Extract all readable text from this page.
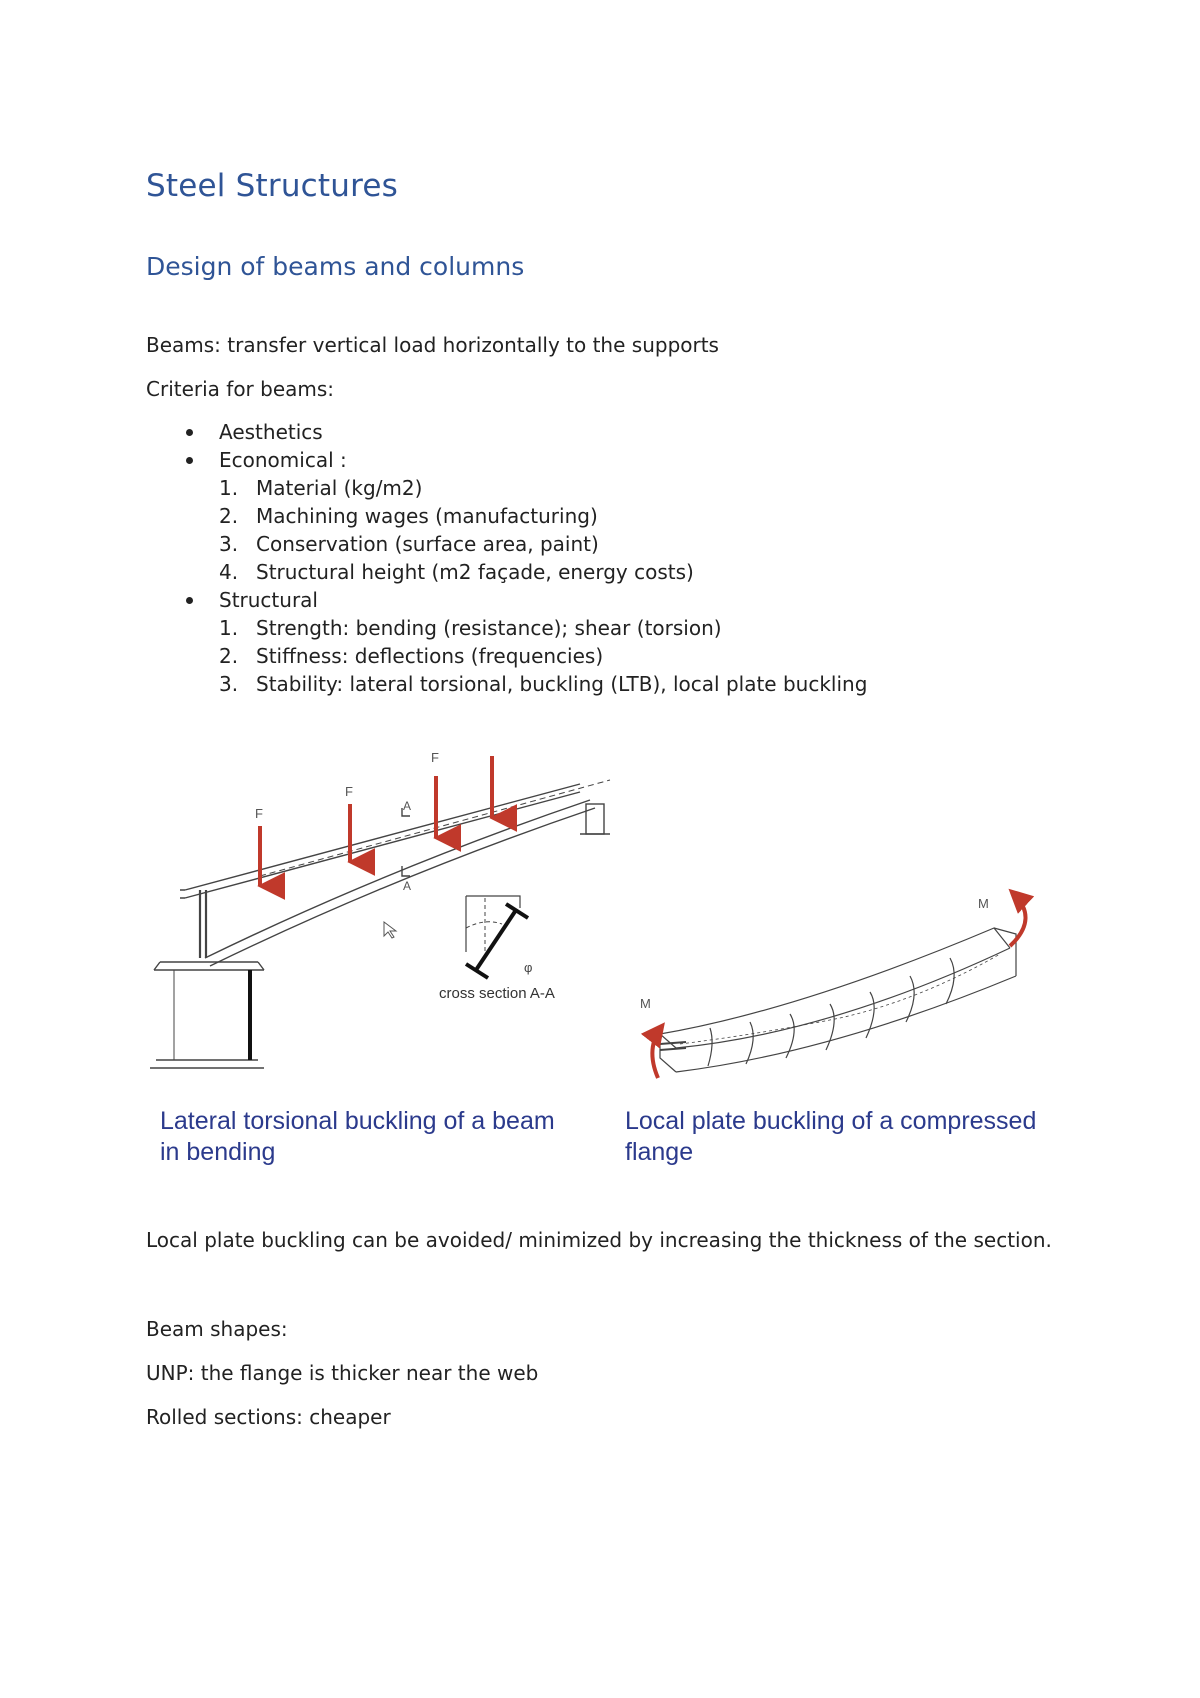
Steel Structures
Design of beams and columns

Beams: transfer vertical load horizontally to the supports

Criteria for beams:

Aesthetics
Economical :
1. Material (kg/m2)
2. Machining wages (manufacturing)
3. Conservation (surface area, paint)
4. Structural height (m2 façade, energy costs)
Structural
1. Strength: bending (resistance); shear (torsion)
2. Stiffness: deflections (frequencies)
3. Stability: lateral torsional, buckling (LTB), local plate buckling
F
F
F
A
A
φ
cross section A-A
M
M

Lateral torsional buckling of a beam in bending

Local plate buckling of a compressed flange

Local plate buckling can be avoided/ minimized by increasing the thickness of the section.

Beam shapes:

UNP: the flange is thicker near the web

Rolled sections: cheaper
